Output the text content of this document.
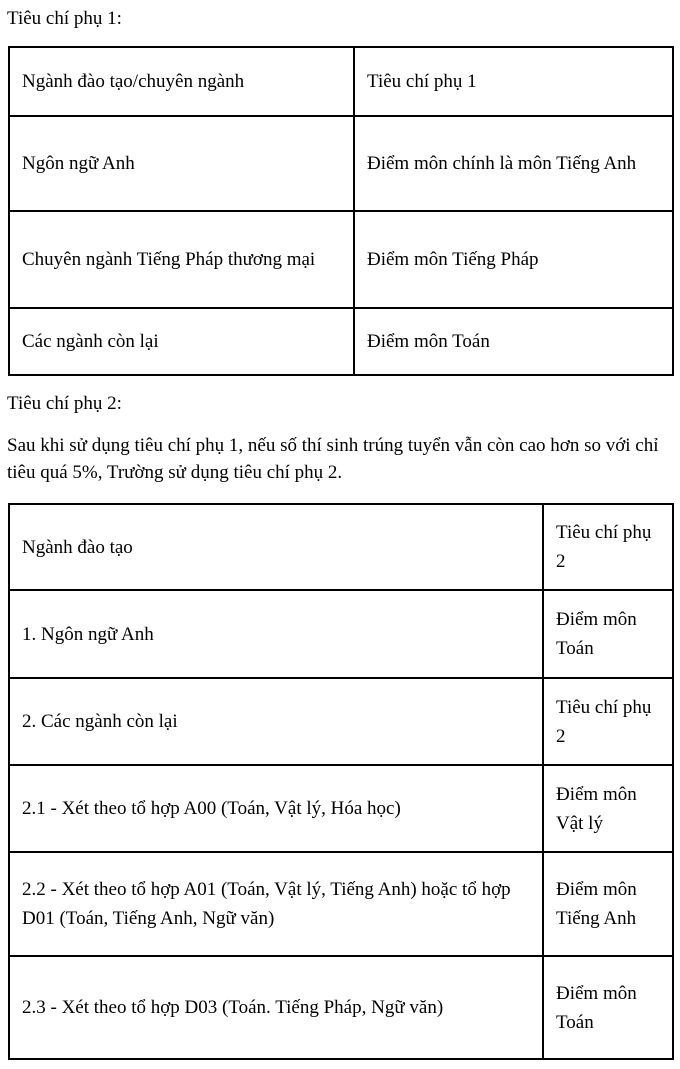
Tiêu chí phụ 1:
Ngành đào tạo/chuyên ngành	Tiêu chí phụ 1
Ngôn ngữ Anh	Điểm môn chính là môn Tiếng Anh
Chuyên ngành Tiếng Pháp thương mại	Điểm môn Tiếng Pháp
Các ngành còn lại	Điểm môn Toán
Tiêu chí phụ 2:
Sau khi sử dụng tiêu chí phụ 1, nếu số thí sinh trúng tuyển vẫn còn cao hơn so với chỉ tiêu quá 5%, Trường sử dụng tiêu chí phụ 2.
Ngành đào tạo	Tiêu chí phụ 2
1. Ngôn ngữ Anh	Điểm môn Toán
2. Các ngành còn lại	Tiêu chí phụ 2
2.1 - Xét theo tổ hợp A00 (Toán, Vật lý, Hóa học)	Điểm môn Vật lý
2.2 - Xét theo tổ hợp A01 (Toán, Vật lý, Tiếng Anh) hoặc tổ hợp D01 (Toán, Tiếng Anh, Ngữ văn)	Điểm môn Tiếng Anh
2.3 - Xét theo tổ hợp D03 (Toán. Tiếng Pháp, Ngữ văn)	Điểm môn Toán
